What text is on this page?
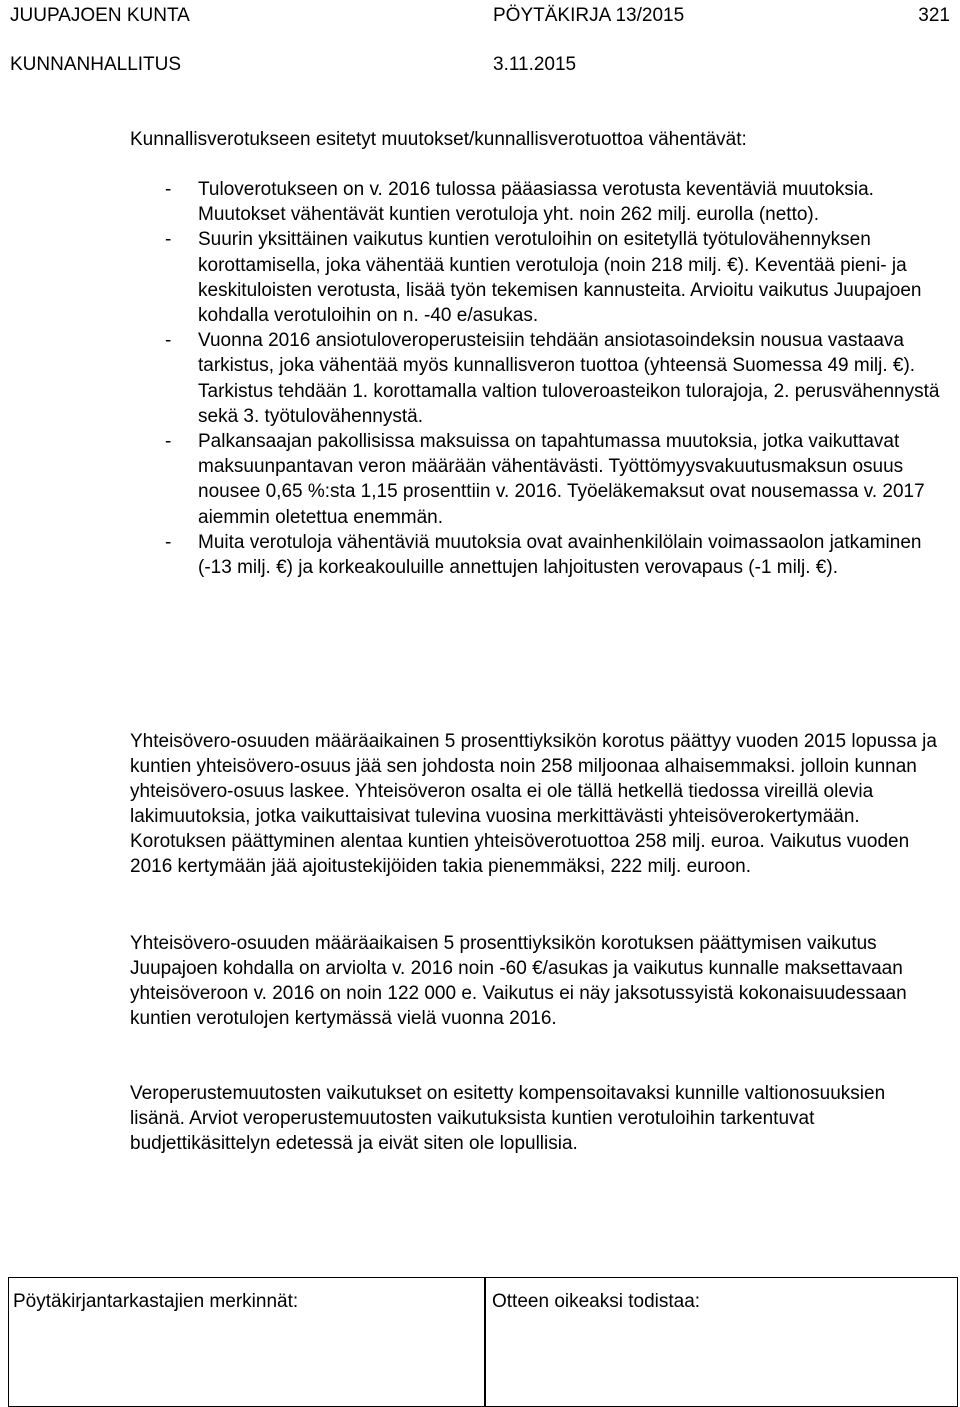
JUUPAJOEN KUNTA	PÖYTÄKIRJA 13/2015	321
KUNNANHALLITUS	3.11.2015
Kunnallisverotukseen esitetyt muutokset/kunnallisverotuottoa vähentävät:
- Tuloverotukseen on v. 2016 tulossa pääasiassa verotusta keventäviä muutoksia. Muutokset vähentävät kuntien verotuloja yht. noin 262 milj. eurolla (netto).
- Suurin yksittäinen vaikutus kuntien verotuloihin on esitetyllä työtulovähennyksen korottamisella, joka vähentää kuntien verotuloja (noin 218 milj. €). Keventää pieni- ja keskituloisten verotusta, lisää työn tekemisen kannusteita. Arvioitu vaikutus Juupajoen kohdalla verotuloihin on n. -40 e/asukas.
- Vuonna 2016 ansiotuloveroperusteisiin tehdään ansiotasoindeksin nousua vastaava tarkistus, joka vähentää myös kunnallisveron tuottoa (yhteensä Suomessa 49 milj. €). Tarkistus tehdään 1. korottamalla valtion tuloveroasteikon tulorajoja, 2. perusvähennystä sekä 3. työtulovähennystä.
- Palkansaajan pakollisissa maksuissa on tapahtumassa muutoksia, jotka vaikuttavat maksuunpantavan veron määrään vähentävästi. Työttömyysvakuutusmaksun osuus nousee 0,65 %:sta 1,15 prosenttiin v. 2016. Työeläkemaksut ovat nousemassa v. 2017 aiemmin oletettua enemmän.
- Muita verotuloja vähentäviä muutoksia ovat avainhenkilölain voimassaolon jatkaminen (-13 milj. €) ja korkeakouluille annettujen lahjoitusten verovapaus (-1 milj. €).

Yhteisövero-osuuden määräaikainen 5 prosenttiyksikön korotus päättyy vuoden 2015 lopussa ja kuntien yhteisövero-osuus jää sen johdosta noin 258 miljoonaa alhaisemmaksi. jolloin kunnan yhteisövero-osuus laskee. Yhteisöveron osalta ei ole tällä hetkellä tiedossa vireillä olevia lakimuutoksia, jotka vaikuttaisivat tulevina vuosina merkittävästi yhteisöverokertymään. Korotuksen päättyminen alentaa kuntien yhteisöverotuottoa 258 milj. euroa. Vaikutus vuoden 2016 kertymään jää ajoitustekijöiden takia pienemmäksi, 222 milj. euroon.

Yhteisövero-osuuden määräaikaisen 5 prosenttiyksikön korotuksen päättymisen vaikutus Juupajoen kohdalla on arviolta v. 2016 noin -60 €/asukas ja vaikutus kunnalle maksettavaan yhteisöveroon v. 2016 on noin 122 000 e. Vaikutus ei näy jaksotussyistä kokonaisuudessaan kuntien verotulojen kertymässä vielä vuonna 2016.

Veroperustemuutosten vaikutukset on esitetty kompensoitavaksi kunnille valtionosuuksien lisänä. Arviot veroperustemuutosten vaikutuksista kuntien verotuloihin tarkentuvat budjettikäsittelyn edetessä ja eivät siten ole lopullisia.

Pöytäkirjantarkastajien merkinnät:	Otteen oikeaksi todistaa:
